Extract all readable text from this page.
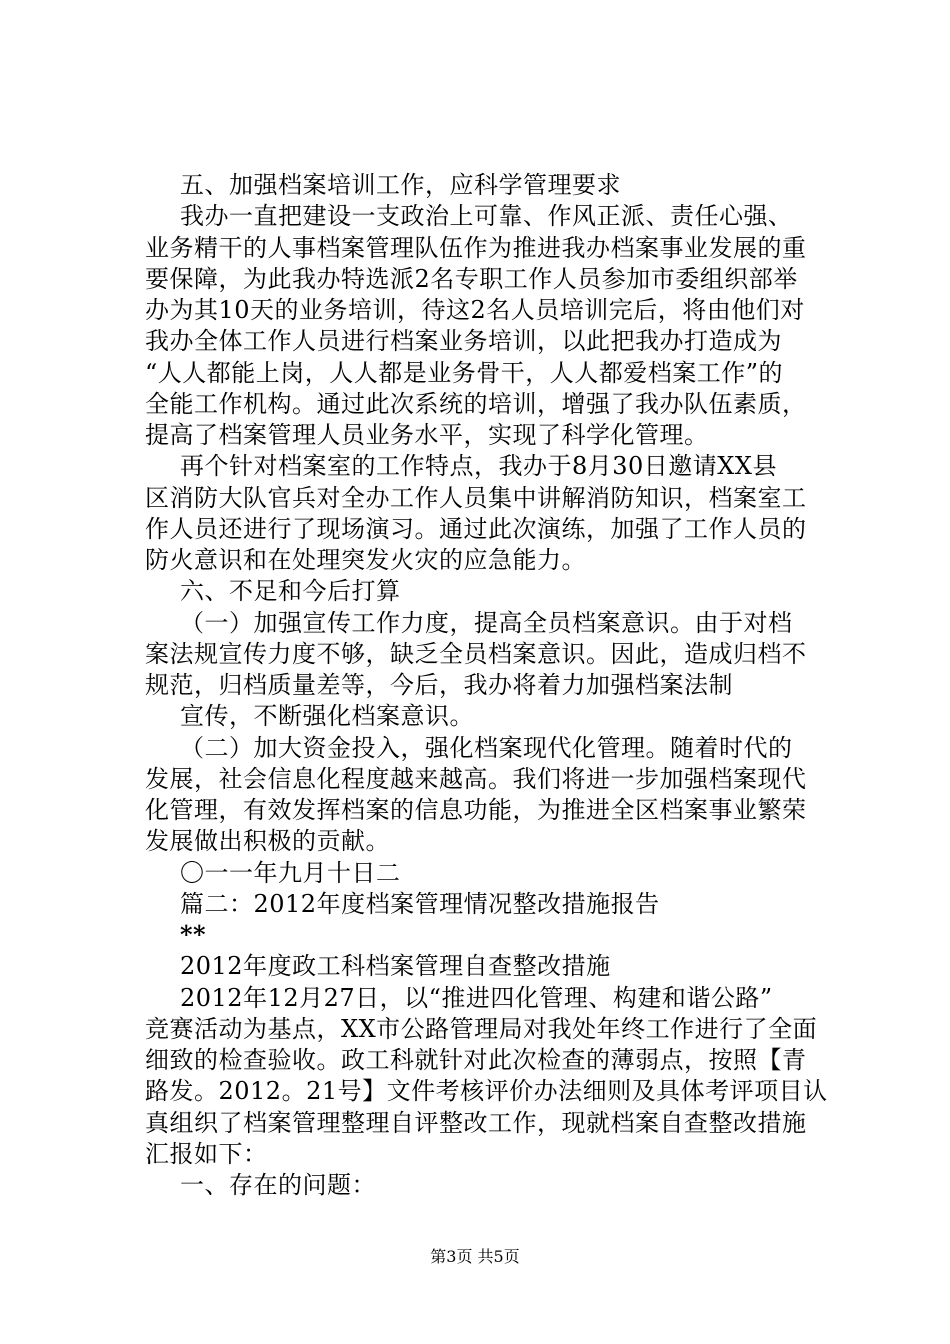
五、加强档案培训工作，应科学管理要求
我办一直把建设一支政治上可靠、作风正派、责任心强、
业务精干的人事档案管理队伍作为推进我办档案事业发展的重
要保障，为此我办特选派2名专职工作人员参加市委组织部举
办为其10天的业务培训，待这2名人员培训完后，将由他们对
我办全体工作人员进行档案业务培训，以此把我办打造成为
“人人都能上岗，人人都是业务骨干，人人都爱档案工作”的
全能工作机构。通过此次系统的培训，增强了我办队伍素质，
提高了档案管理人员业务水平，实现了科学化管理。
再个针对档案室的工作特点，我办于8月30日邀请XX县
区消防大队官兵对全办工作人员集中讲解消防知识，档案室工
作人员还进行了现场演习。通过此次演练，加强了工作人员的
防火意识和在处理突发火灾的应急能力。
六、不足和今后打算
（一）加强宣传工作力度，提高全员档案意识。由于对档
案法规宣传力度不够，缺乏全员档案意识。因此，造成归档不
规范，归档质量差等，今后，我办将着力加强档案法制
宣传，不断强化档案意识。
（二）加大资金投入，强化档案现代化管理。随着时代的
发展，社会信息化程度越来越高。我们将进一步加强档案现代
化管理，有效发挥档案的信息功能，为推进全区档案事业繁荣
发展做出积极的贡献。
〇一一年九月十日二
篇二：2012年度档案管理情况整改措施报告
**
2012年度政工科档案管理自查整改措施
2012年12月27日，以“推进四化管理、构建和谐公路”
竞赛活动为基点，XX市公路管理局对我处年终工作进行了全面
细致的检查验收。政工科就针对此次检查的薄弱点，按照【青
路发。2012。21号】文件考核评价办法细则及具体考评项目认
真组织了档案管理整理自评整改工作，现就档案自查整改措施
汇报如下：
一、存在的问题：
第3页 共5页
